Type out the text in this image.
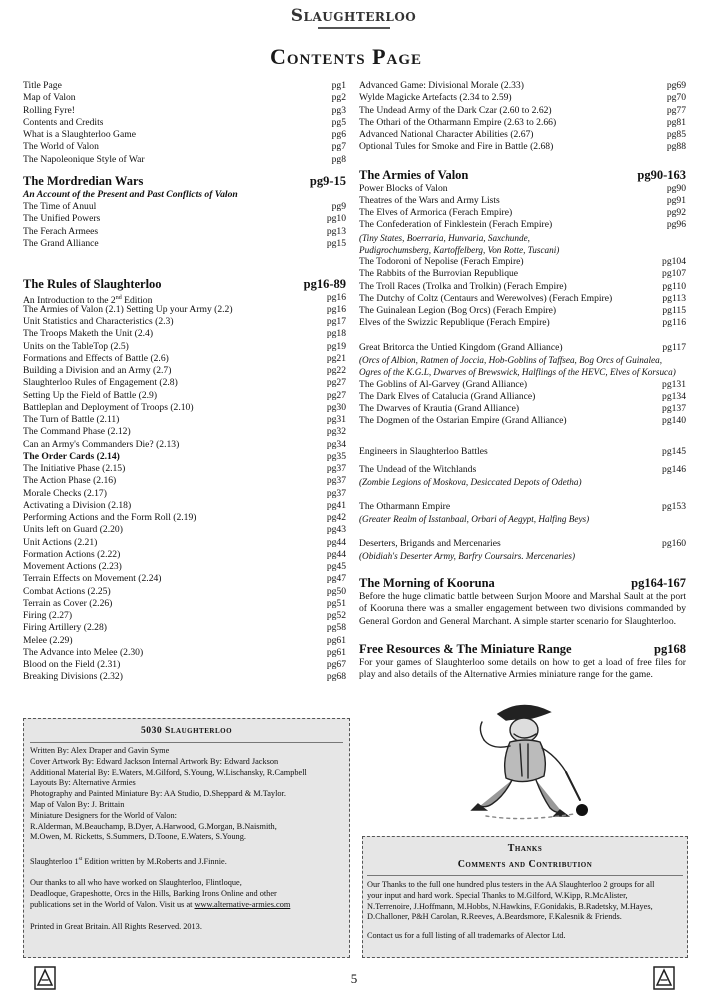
Slaughterloo
Contents Page
Title Page	pg1
Map of Valon	pg2
Rolling Fyre!	pg3
Contents and Credits	pg5
What is a Slaughterloo Game	pg6
The World of Valon	pg7
The Napoleonique Style of War	pg8
The Mordredian Wars	pg9-15
An Account of the Present and Past Conflicts of Valon
The Time of Anuul	pg9
The Unified Powers	pg10
The Ferach Armees	pg13
The Grand Alliance	pg15
The Rules of Slaughterloo	pg16-89
An Introduction to the 2nd Edition	pg16
The Armies of Valon (2.1) Setting Up your Army (2.2)	pg16
Unit Statistics and Characteristics (2.3)	pg17
The Troops Maketh the Unit (2.4)	pg18
Units on the TableTop (2.5)	pg19
Formations and Effects of Battle (2.6)	pg21
Building a Division and an Army (2.7)	pg22
Slaughterloo Rules of Engagement (2.8)	pg27
Setting Up the Field of Battle (2.9)	pg27
Battleplan and Deployment of Troops (2.10)	pg30
The Turn of Battle (2.11)	pg31
The Command Phase (2.12)	pg32
Can an Army's Commanders Die? (2.13)	pg34
The Order Cards (2.14)	pg35
The Initiative Phase (2.15)	pg37
The Action Phase (2.16)	pg37
Morale Checks (2.17)	pg37
Activating a Division (2.18)	pg41
Performing Actions and the Form Roll (2.19)	pg42
Units left on Guard (2.20)	pg43
Unit Actions (2.21)	pg44
Formation Actions (2.22)	pg44
Movement Actions (2.23)	pg45
Terrain Effects on Movement (2.24)	pg47
Combat Actions (2.25)	pg50
Terrain as Cover (2.26)	pg51
Firing (2.27)	pg52
Firing Artillery (2.28)	pg58
Melee (2.29)	pg61
The Advance into Melee (2.30)	pg61
Blood on the Field (2.31)	pg67
Breaking Divisions (2.32)	pg68
Advanced Game: Divisional Morale (2.33)	pg69
Wylde Magicke Artefacts (2.34 to 2.59)	pg70
The Undead Army of the Dark Czar (2.60 to 2.62)	pg77
The Othari of the Otharmann Empire (2.63 to 2.66)	pg81
Advanced National Character Abilities (2.67)	pg85
Optional Tules for Smoke and Fire in Battle (2.68)	pg88
The Armies of Valon	pg90-163
Power Blocks of Valon	pg90
Theatres of the Wars and Army Lists	pg91
The Elves of Armorica (Ferach Empire)	pg92
The Confederation of Finklestein (Ferach Empire)	pg96
(Tiny States, Boerraria, Hunvaria, Saxchunde,
Pudigrochumsberg, Kartoffelberg, Von Rotte, Tuscani)
The Todoroni of Nepolise (Ferach Empire)	pg104
The Rabbits of the Burrovian Republique	pg107
The Troll Races (Trolka and Trolkin) (Ferach Empire)	pg110
The Dutchy of Coltz (Centaurs and Werewolves) (Ferach Empire)	pg113
The Guinalean Legion (Bog Orcs) (Ferach Empire)	pg115
Elves of the Swizzic Republique (Ferach Empire)	pg116
Great Britorca the Untied Kingdom (Grand Alliance)	pg117
(Orcs of Albion, Ratmen of Joccia, Hob-Goblins of Taffsea, Bog Orcs of Guinalea,
Ogres of the K.G.L, Dwarves of Brewswick, Halflings of the HEVC, Elves of Korsuca)
The Goblins of Al-Garvey (Grand Alliance)	pg131
The Dark Elves of Catalucia (Grand Alliance)	pg134
The Dwarves of Krautia (Grand Alliance)	pg137
The Dogmen of the Ostarian Empire (Grand Alliance)	pg140
Engineers in Slaughterloo Battles	pg145
The Undead of the Witchlands	pg146
(Zombie Legions of Moskova, Desiccated Depots of Odetha)
The Otharmann Empire	pg153
(Greater Realm of Isstanbaal, Orbari of Aegypt, Halfing Beys)
Deserters, Brigands and Mercenaries	pg160
(Obidiah's Deserter Army, Barfry Coursairs. Mercenaries)
The Morning of Kooruna	pg164-167
Before the huge climatic battle between Surjon Moore and Marshal Sault at the port of Kooruna there was a smaller engagement between two divisions commanded by General Gordon and General Marchant. A simple starter scenario for Slaughterloo.
Free Resources & The Miniature Range	pg168
For your games of Slaughterloo some details on how to get a load of free files for play and also details of the Alternative Armies miniature range for the game.
5030 Slaughterloo
Written By: Alex Draper and Gavin Syme
Cover Artwork By: Edward Jackson Internal Artwork By: Edward Jackson
Additional Material By: E.Waters, M.Gilford, S.Young, W.Lischansky, R.Campbell
Layouts By: Alternative Armies
Photography and Painted Miniature By: AA Studio, D.Sheppard & M.Taylor.
Map of Valon By: J. Brittain
Miniature Designers for the World of Valon:
R.Alderman, M.Beauchamp, B.Dyer, A.Harwood, G.Morgan, B.Naismith,
M.Owen, M. Ricketts, S.Summers, D.Toone, E.Waters, S.Young.
Slaughterloo 1st Edition written by M.Roberts and J.Finnie.
Our thanks to all who have worked on Slaughterloo, Flintloque,
Deadloque, Grapeshotte, Orcs in the Hills, Barking Irons Online and other
publications set in the World of Valon. Visit us at www.alternative-armies.com
Printed in Great Britain. All Rights Reserved. 2013.
Thanks
Comments and Contribution
Our Thanks to the full one hundred plus testers in the AA Slaughterloo 2 groups for all
your input and hard work. Special Thanks to M.Gilford, W.Kipp, R.McAlister,
N.Terrenoire, J.Hoffmann, M.Hobbs, N.Hawkins, F.Gonidakis, B.Radetsky, M.Hayes,
D.Challoner, P&H Carolan, R.Reeves, A.Beardsmore, F.Kalesnik & Friends.
Contact us for a full listing of all trademarks of Alector Ltd.
5
